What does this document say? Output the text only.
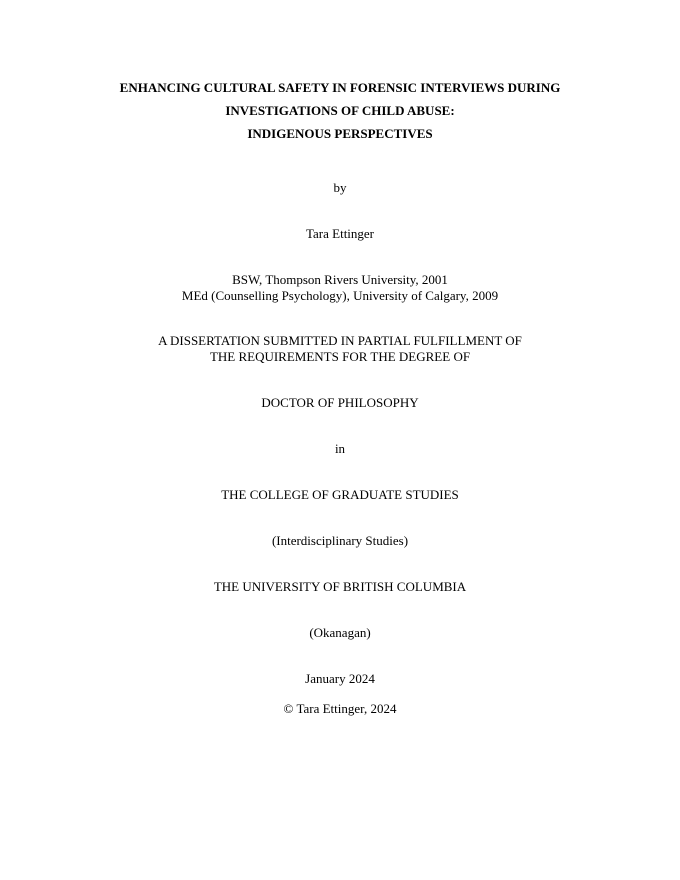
ENHANCING CULTURAL SAFETY IN FORENSIC INTERVIEWS DURING
INVESTIGATIONS OF CHILD ABUSE:
INDIGENOUS PERSPECTIVES
by
Tara Ettinger
BSW, Thompson Rivers University, 2001
MEd (Counselling Psychology), University of Calgary, 2009
A DISSERTATION SUBMITTED IN PARTIAL FULFILLMENT OF
THE REQUIREMENTS FOR THE DEGREE OF
DOCTOR OF PHILOSOPHY
in
THE COLLEGE OF GRADUATE STUDIES
(Interdisciplinary Studies)
THE UNIVERSITY OF BRITISH COLUMBIA
(Okanagan)
January 2024
© Tara Ettinger, 2024
